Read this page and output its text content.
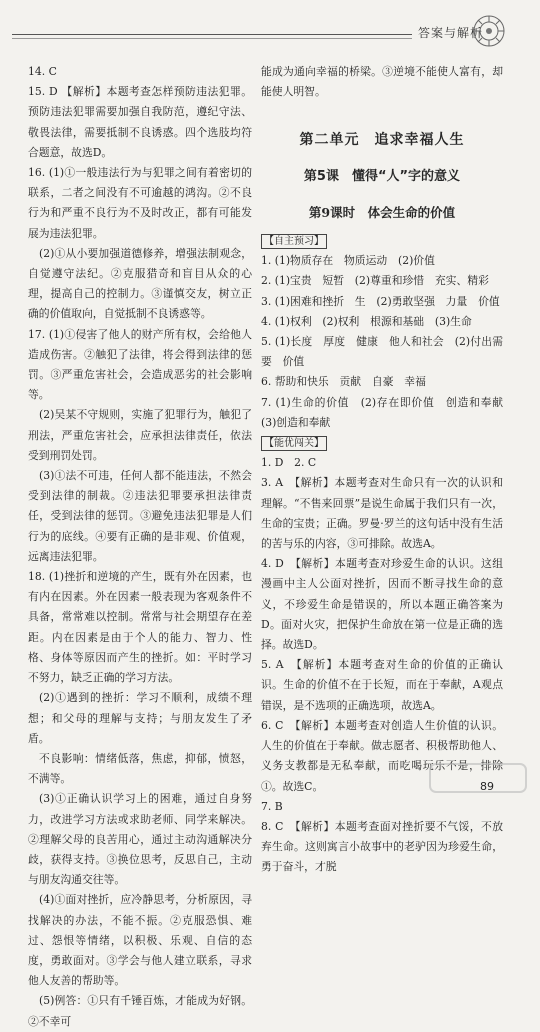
答案与解析

14. C

15. D 【解析】本题考查怎样预防违法犯罪。预防违法犯罪需要加强自我防范，遵纪守法、敬畏法律，需要抵制不良诱惑。四个选肢均符合题意，故选D。

16. (1)①一般违法行为与犯罪之间有着密切的联系，二者之间没有不可逾越的鸿沟。②不良行为和严重不良行为不及时改正，都有可能发展为违法犯罪。

(2)①从小要加强道德修养，增强法制观念，自觉遵守法纪。②克服猎奇和盲目从众的心理，提高自己的控制力。③谨慎交友，树立正确的价值取向，自觉抵制不良诱惑等。

17. (1)①侵害了他人的财产所有权，会给他人造成伤害。②触犯了法律，将会得到法律的惩罚。③严重危害社会，会造成恶劣的社会影响等。

(2)吴某不守规则，实施了犯罪行为，触犯了刑法，严重危害社会，应承担法律责任，依法受到刑罚处罚。

(3)①法不可违，任何人都不能违法，不然会受到法律的制裁。②违法犯罪要承担法律责任，受到法律的惩罚。③避免违法犯罪是人们行为的底线。④要有正确的是非观、价值观，远离违法犯罪。

18. (1)挫折和逆境的产生，既有外在因素，也有内在因素。外在因素一般表现为客观条件不具备，常常难以控制。常常与社会期望存在差距。内在因素是由于个人的能力、智力、性格、身体等原因而产生的挫折。如：平时学习不努力，缺乏正确的学习方法。

(2)①遇到的挫折：学习不顺利，成绩不理想；和父母的理解与支持；与朋友发生了矛盾。

不良影响：情绪低落，焦虑，抑郁，愤怒，不满等。

(3)①正确认识学习上的困难，通过自身努力，改进学习方法或求助老师、同学来解决。②理解父母的良苦用心，通过主动沟通解决分歧，获得支持。③换位思考，反思自己，主动与朋友沟通交往等。

(4)①面对挫折，应冷静思考，分析原因，寻找解决的办法，不能不振。②克服恐惧、难过、怨恨等情绪，以积极、乐观、自信的态度，勇敢面对。③学会与他人建立联系，寻求他人友善的帮助等。

(5)例答：①只有千锤百炼，才能成为好钢。②不幸可

能成为通向幸福的桥梁。③逆境不能使人富有，却能使人明智。

第二单元　追求幸福人生
第5课　懂得“人”字的意义
第9课时　体会生命的价值
【自主预习】

1. (1)物质存在　物质运动　(2)价值

2. (1)宝贵　短暂　(2)尊重和珍惜　充实、精彩

3. (1)困难和挫折　生　(2)勇敢坚强　力量　价值

4. (1)权利　(2)权利　根源和基础　(3)生命

5. (1)长度　厚度　健康　他人和社会　(2)付出需要　价值

6. 帮助和快乐　贡献　自豪　幸福

7. (1)生命的价值　(2)存在即价值　创造和奉献　(3)创造和奉献

【能优闯关】

1. D　2. C

3. A　【解析】本题考查对生命只有一次的认识和理解。“不售来回票”是说生命属于我们只有一次，生命的宝贵；正确。罗曼·罗兰的这句话中没有生活的苦与乐的内容，③可排除。故选A。

4. D　【解析】本题考查对珍爱生命的认识。这组漫画中主人公面对挫折，因而不断寻找生命的意义，不珍爱生命是错误的，所以本题正确答案为D。面对火灾，把保护生命放在第一位是正确的选择。故选D。

5. A　【解析】本题考查对生命的价值的正确认识。生命的价值不在于长短，而在于奉献，A观点错误，是不选项的正确选项，故选A。

6. C　【解析】本题考查对创造人生价值的认识。人生的价值在于奉献。做志愿者、积极帮助他人、义务支教都是无私奉献，而吃喝玩乐不是，排除①。故选C。

7. B

8. C　【解析】本题考查面对挫折要不气馁，不放弃生命。这则寓言小故事中的老驴因为珍爱生命，勇于奋斗，才脱

89
